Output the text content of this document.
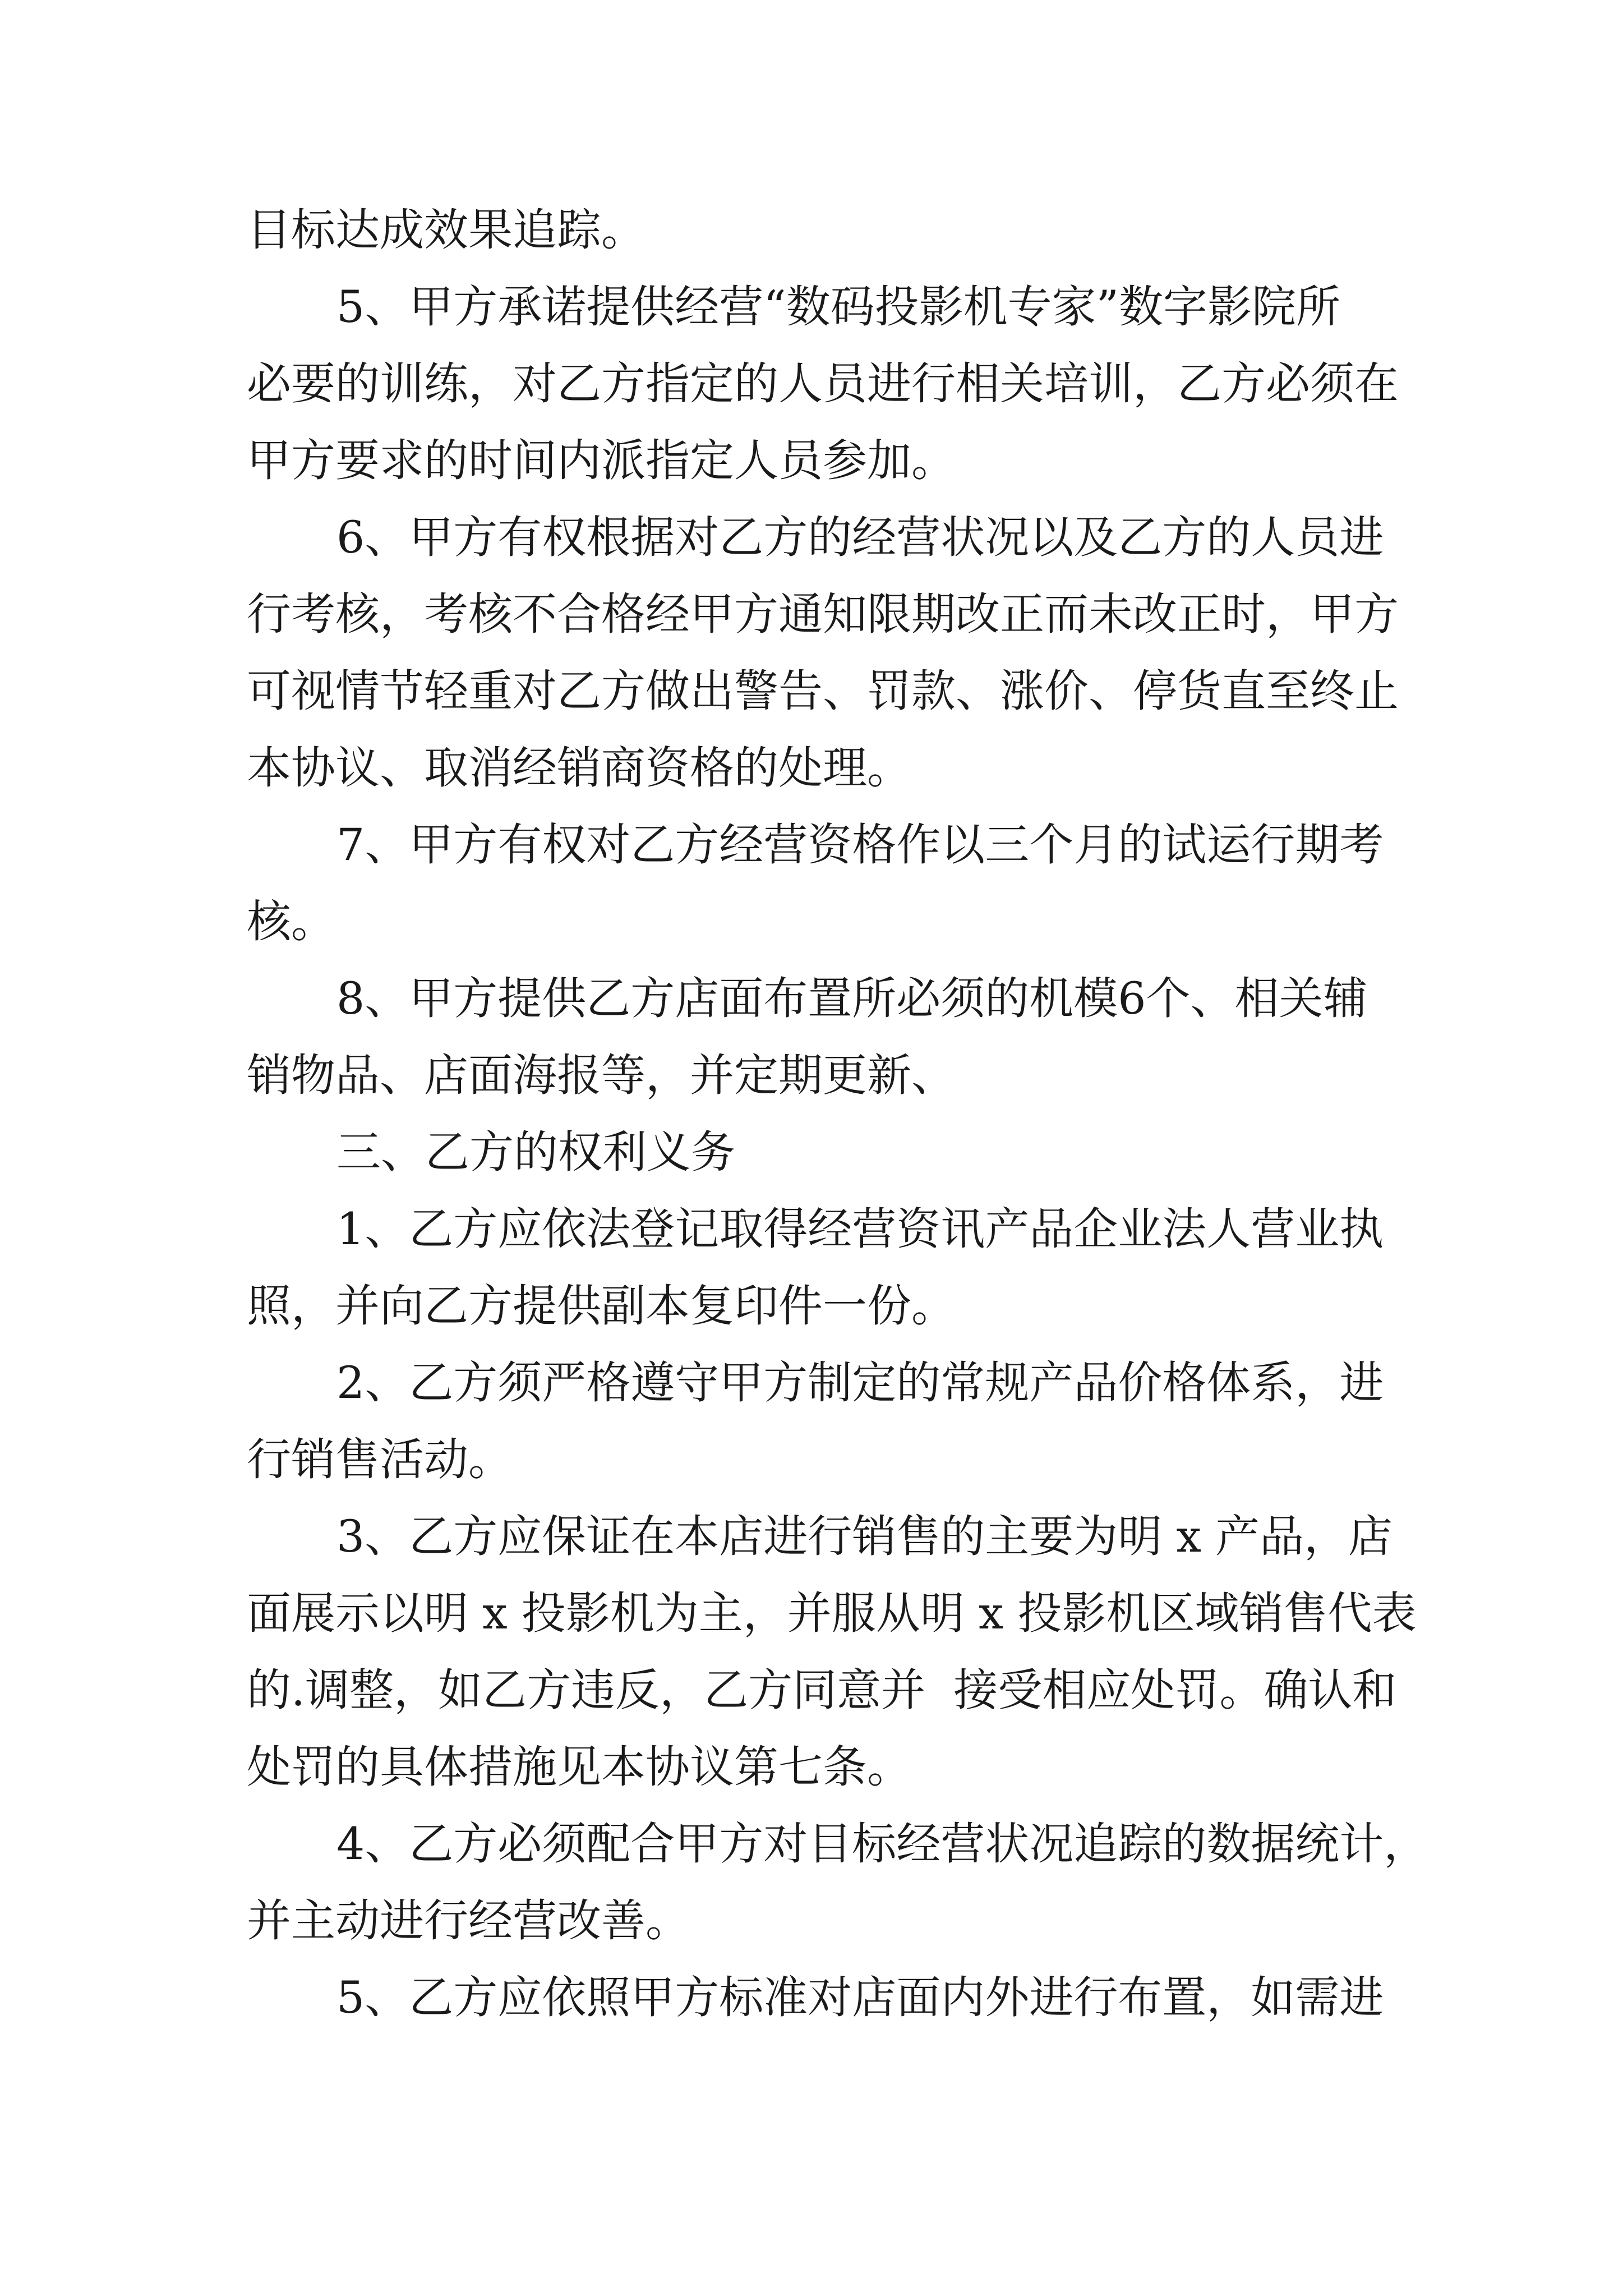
目标达成效果追踪。
5、甲方承诺提供经营“数码投影机专家”数字影院所
必要的训练，对乙方指定的人员进行相关培训，乙方必须在
甲方要求的时间内派指定人员参加。
6、甲方有权根据对乙方的经营状况以及乙方的人员进
行考核，考核不合格经甲方通知限期改正而未改正时，甲方
可视情节轻重对乙方做出警告、罚款、涨价、停货直至终止
本协议、取消经销商资格的处理。
7、甲方有权对乙方经营资格作以三个月的试运行期考
核。
8、甲方提供乙方店面布置所必须的机模6个、相关辅
销物品、店面海报等，并定期更新、
三、乙方的权利义务
1、乙方应依法登记取得经营资讯产品企业法人营业执
照，并向乙方提供副本复印件一份。
2、乙方须严格遵守甲方制定的常规产品价格体系，进
行销售活动。
3、乙方应保证在本店进行销售的主要为明 x 产品，店
面展示以明 x 投影机为主，并服从明 x 投影机区域销售代表
的.调整，如乙方违反，乙方同意并  接受相应处罚。确认和
处罚的具体措施见本协议第七条。
4、乙方必须配合甲方对目标经营状况追踪的数据统计，
并主动进行经营改善。
5、乙方应依照甲方标准对店面内外进行布置，如需进
